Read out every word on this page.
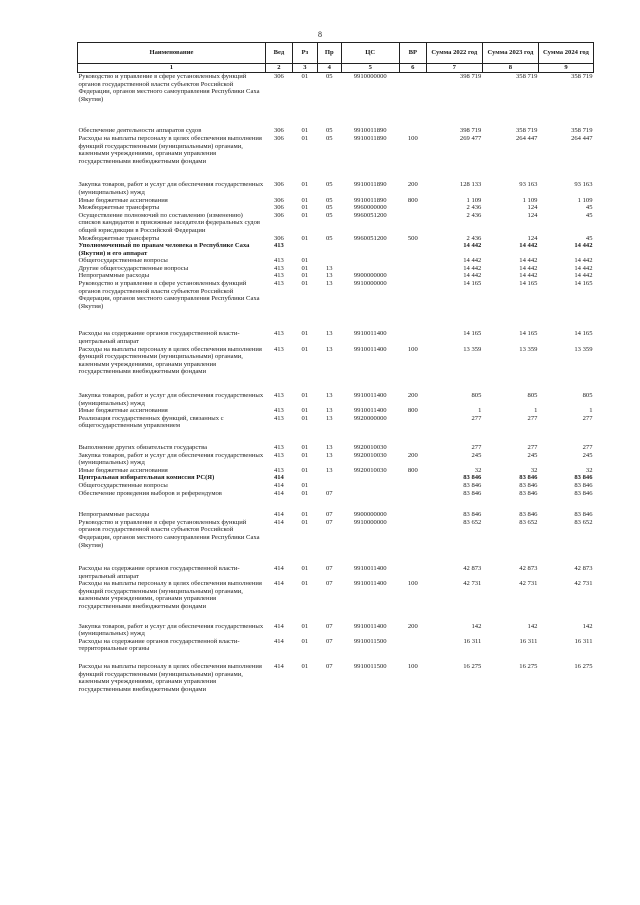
8
Наименование	Вед	Рз	Пр	ЦС	ВР	Сумма 2022 год	Сумма 2023 год	Сумма 2024 год
1	2	3	4	5	6	7	8	9
Руководство и управление в сфере установленных функций органов государственной власти субъектов Российской Федерации, органов местного самоуправления Республики Саха (Якутия)	306	01	05	9910000000		398 719	358 719	358 719
Обеспечение деятельности аппаратов судов	306	01	05	9910011890		398 719	358 719	358 719
Расходы на выплаты персоналу в целях обеспечения выполнения функций государственными (муниципальными) органами, казенными учреждениями, органами управления государственными внебюджетными фондами	306	01	05	9910011890	100	269 477	264 447	264 447
Закупка товаров, работ и услуг для обеспечения государственных (муниципальных) нужд	306	01	05	9910011890	200	128 133	93 163	93 163
Иные бюджетные ассигнования	306	01	05	9910011890	800	1 109	1 109	1 109
Межбюджетные трансферты	306	01	05	9960000000		2 436	124	45
Осуществление полномочий по составлению (изменению) списков кандидатов в присяжные заседатели федеральных судов общей юрисдикции в Российской Федерации	306	01	05	9960051200		2 436	124	45
Межбюджетные трансферты	306	01	05	9960051200	500	2 436	124	45
Уполномоченный по правам человека в Республике Саха (Якутия) и его аппарат	413					14 442	14 442	14 442
Общегосударственные вопросы	413	01				14 442	14 442	14 442
Другие общегосударственные вопросы	413	01	13			14 442	14 442	14 442
Непрограммные расходы	413	01	13	9900000000		14 442	14 442	14 442
Руководство и управление в сфере установленных функций органов государственной власти субъектов Российской Федерации, органов местного самоуправления Республики Саха (Якутия)	413	01	13	9910000000		14 165	14 165	14 165
Расходы на содержание органов государственной власти- центральный аппарат	413	01	13	9910011400		14 165	14 165	14 165
Расходы на выплаты персоналу в целях обеспечения выполнения функций государственными (муниципальными) органами, казенными учреждениями, органами управления государственными внебюджетными фондами	413	01	13	9910011400	100	13 359	13 359	13 359
Закупка товаров, работ и услуг для обеспечения государственных (муниципальных) нужд	413	01	13	9910011400	200	805	805	805
Иные бюджетные ассигнования	413	01	13	9910011400	800	1	1	1
Реализация государственных функций, связанных с общегосударственным управлением	413	01	13	9920000000		277	277	277
Выполнение других обязательств государства	413	01	13	9920010030		277	277	277
Закупка товаров, работ и услуг для обеспечения государственных (муниципальных) нужд	413	01	13	9920010030	200	245	245	245
Иные бюджетные ассигнования	413	01	13	9920010030	800	32	32	32
Центральная избирательная комиссия РС(Я)	414					83 846	83 846	83 846
Общегосударственные вопросы	414	01				83 846	83 846	83 846
Обеспечение проведения выборов и референдумов	414	01	07			83 846	83 846	83 846
Непрограммные расходы	414	01	07	9900000000		83 846	83 846	83 846
Руководство и управление в сфере установленных функций органов государственной власти субъектов Российской Федерации, органов местного самоуправления Республики Саха (Якутия)	414	01	07	9910000000		83 652	83 652	83 652
Расходы на содержание органов государственной власти- центральный аппарат	414	01	07	9910011400		42 873	42 873	42 873
Расходы на выплаты персоналу в целях обеспечения выполнения функций государственными (муниципальными) органами, казенными учреждениями, органами управления государственными внебюджетными фондами	414	01	07	9910011400	100	42 731	42 731	42 731
Закупка товаров, работ и услуг для обеспечения государственных (муниципальных) нужд	414	01	07	9910011400	200	142	142	142
Расходы на содержание органов государственной власти- территориальные органы	414	01	07	9910011500		16 311	16 311	16 311
Расходы на выплаты персоналу в целях обеспечения выполнения функций государственными (муниципальными) органами, казенными учреждениями, органами управления государственными внебюджетными фондами	414	01	07	9910011500	100	16 275	16 275	16 275
